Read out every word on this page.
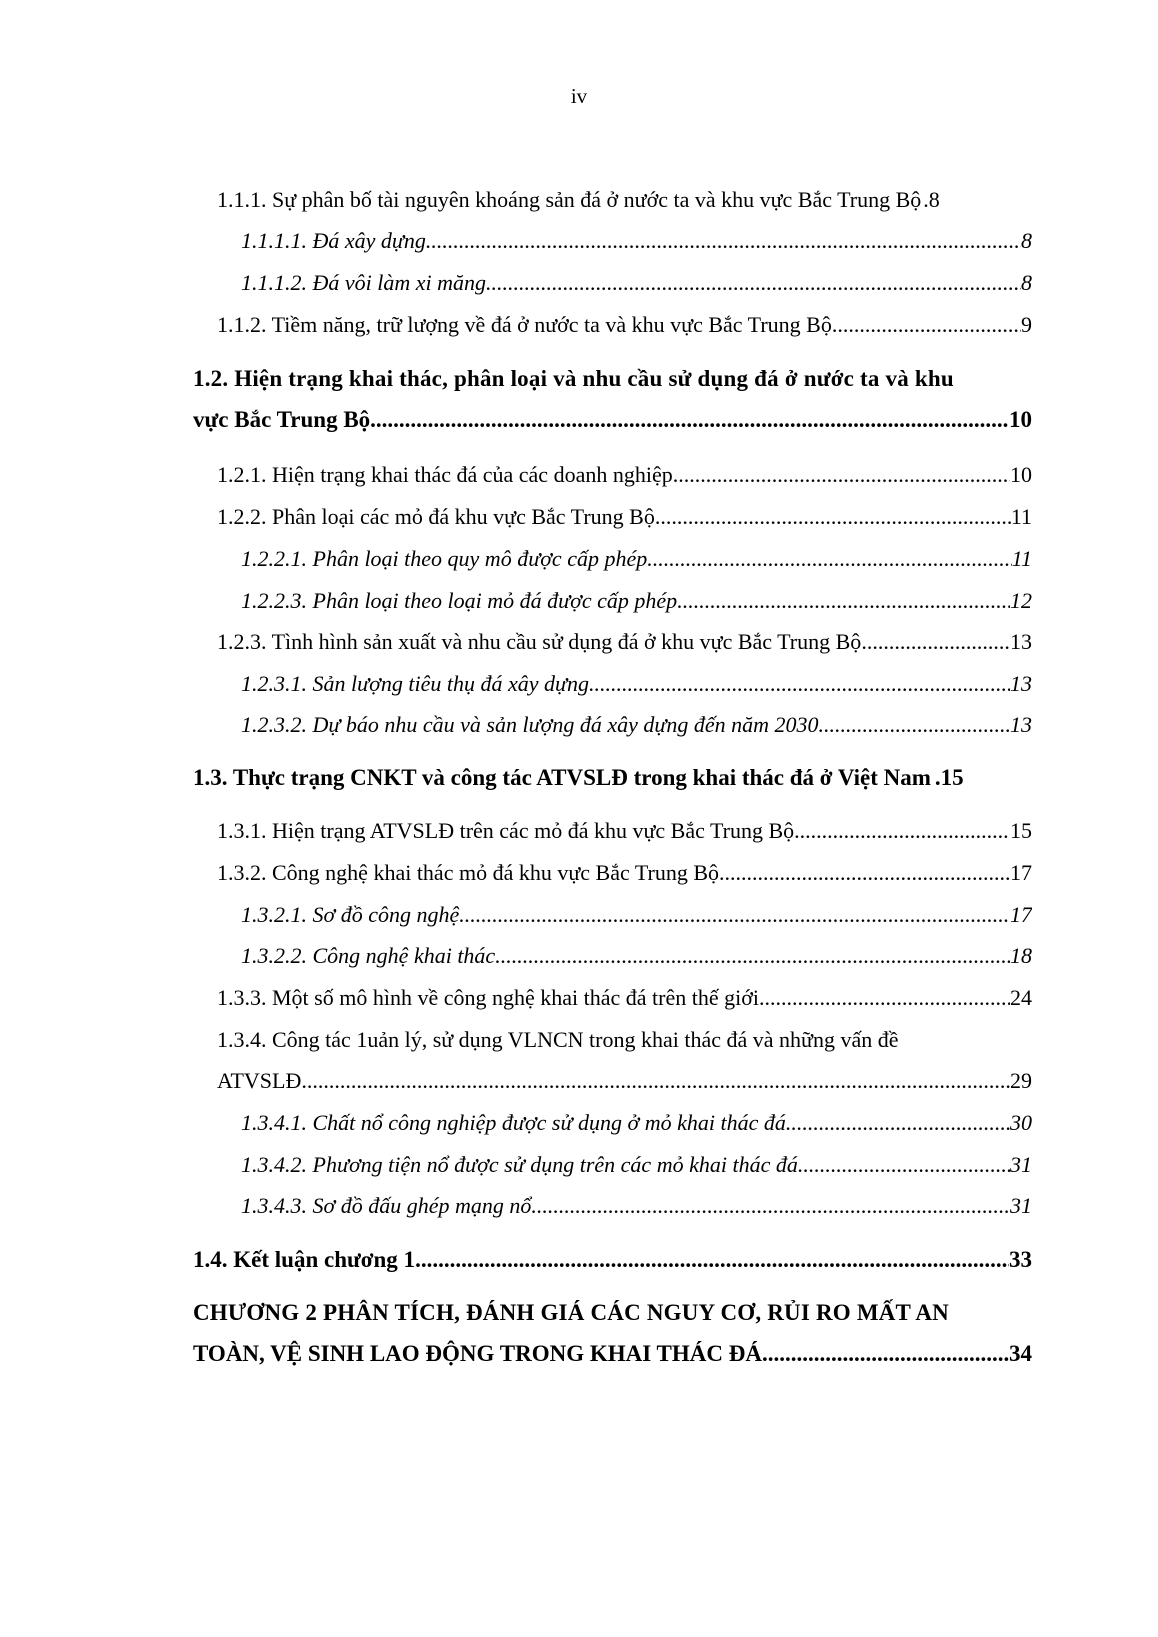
iv
1.1.1. Sự phân bố tài nguyên khoáng sản đá ở nước ta và khu vực Bắc Trung Bộ .8
1.1.1.1. Đá xây dựng .....	8
1.1.1.2. Đá vôi làm xi măng .....	8
1.1.2. Tiềm năng, trữ lượng về đá ở nước ta và khu vực Bắc Trung Bộ .....	9
1.2. Hiện trạng khai thác, phân loại và nhu cầu sử dụng đá ở nước ta và khu
vực Bắc Trung Bộ .....	10
1.2.1. Hiện trạng khai thác đá của các doanh nghiệp .....	10
1.2.2. Phân loại các mỏ đá khu vực Bắc Trung Bộ .....	11
1.2.2.1. Phân loại theo quy mô được cấp phép .....	11
1.2.2.3. Phân loại theo loại mỏ đá được cấp phép .....	12
1.2.3. Tình hình sản xuất và nhu cầu sử dụng đá ở khu vực Bắc Trung Bộ .....	13
1.2.3.1. Sản lượng tiêu thụ đá xây dựng .....	13
1.2.3.2. Dự báo nhu cầu và sản lượng đá xây dựng đến năm 2030 .....	13
1.3. Thực trạng CNKT và công tác ATVSLĐ trong khai thác đá ở Việt Nam .15
1.3.1. Hiện trạng ATVSLĐ trên các mỏ đá khu vực Bắc Trung Bộ .....	15
1.3.2. Công nghệ khai thác mỏ đá khu vực Bắc Trung Bộ .....	17
1.3.2.1. Sơ đồ công nghệ. .....	17
1.3.2.2. Công nghệ khai thác .....	18
1.3.3. Một số mô hình về công nghệ khai thác đá trên thế giới .....	24
1.3.4. Công tác 1uản lý, sử dụng VLNCN trong khai thác đá và những vấn đề
ATVSLĐ .....	29
1.3.4.1. Chất nổ công nghiệp được sử dụng ở mỏ khai thác đá .....	30
1.3.4.2. Phương tiện nổ được sử dụng trên các mỏ khai thác đá .....	31
1.3.4.3. Sơ đồ đấu ghép mạng nổ. .....	31
1.4. Kết luận chương 1 .....	33
CHƯƠNG 2 PHÂN TÍCH, ĐÁNH GIÁ CÁC NGUY CƠ, RỦI RO MẤT AN
TOÀN, VỆ SINH LAO ĐỘNG TRONG KHAI THÁC ĐÁ .....	34
